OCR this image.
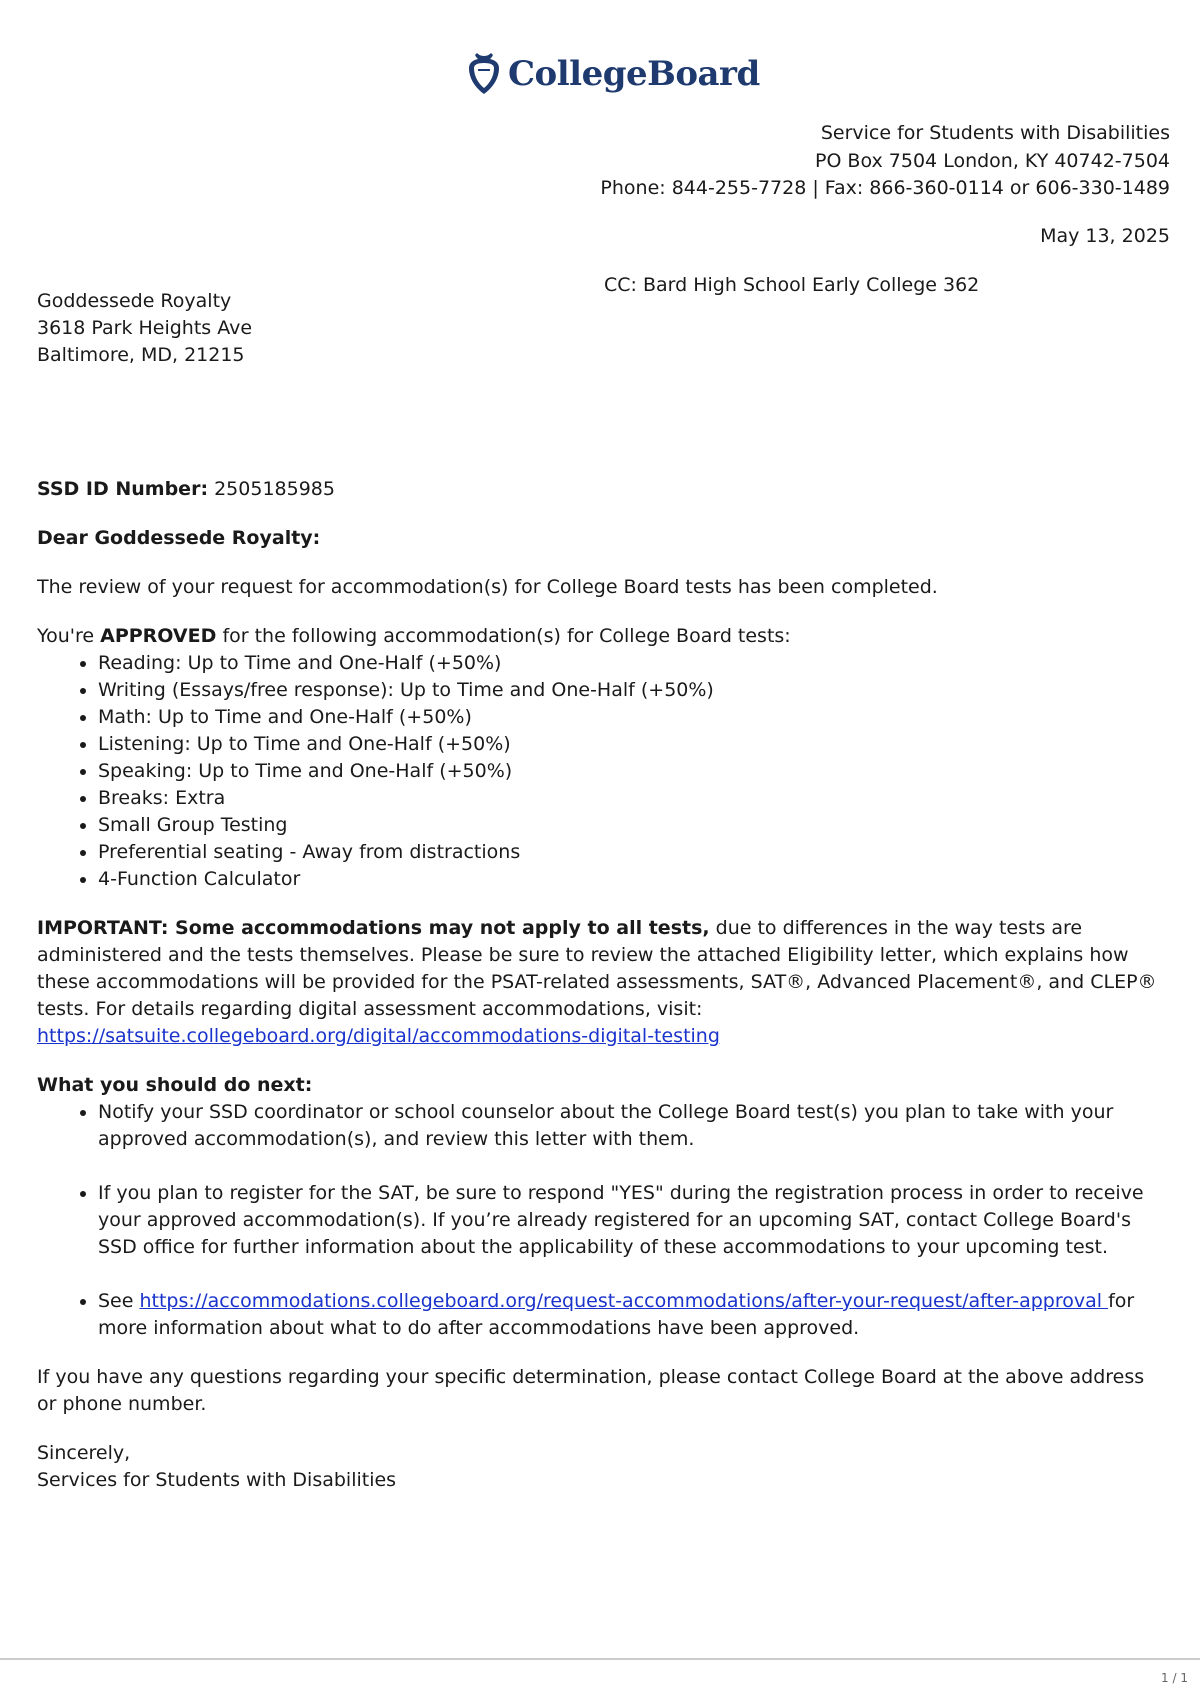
CollegeBoard
Service for Students with Disabilities
PO Box 7504 London, KY 40742-7504
Phone: 844-255-7728 | Fax: 866-360-0114 or 606-330-1489
May 13, 2025
CC: Bard High School Early College 362
Goddessede Royalty
3618 Park Heights Ave
Baltimore, MD, 21215

SSD ID Number: 2505185985

Dear Goddessede Royalty:

The review of your request for accommodation(s) for College Board tests has been completed.

You're APPROVED for the following accommodation(s) for College Board tests:

• Reading: Up to Time and One-Half (+50%)
• Writing (Essays/free response): Up to Time and One-Half (+50%)
• Math: Up to Time and One-Half (+50%)
• Listening: Up to Time and One-Half (+50%)
• Speaking: Up to Time and One-Half (+50%)
• Breaks: Extra
• Small Group Testing
• Preferential seating - Away from distractions
• 4-Function Calculator

IMPORTANT: Some accommodations may not apply to all tests, due to differences in the way tests are administered and the tests themselves. Please be sure to review the attached Eligibility letter, which explains how these accommodations will be provided for the PSAT-related assessments, SAT®, Advanced Placement®, and CLEP® tests. For details regarding digital assessment accommodations, visit: https://satsuite.collegeboard.org/digital/accommodations-digital-testing

What you should do next:

• Notify your SSD coordinator or school counselor about the College Board test(s) you plan to take with your approved accommodation(s), and review this letter with them.
• If you plan to register for the SAT, be sure to respond "YES" during the registration process in order to receive your approved accommodation(s). If you’re already registered for an upcoming SAT, contact College Board's SSD office for further information about the applicability of these accommodations to your upcoming test.
• See https://accommodations.collegeboard.org/request-accommodations/after-your-request/after-approval for more information about what to do after accommodations have been approved.

If you have any questions regarding your specific determination, please contact College Board at the above address or phone number.

Sincerely,

Services for Students with Disabilities

1 / 1
